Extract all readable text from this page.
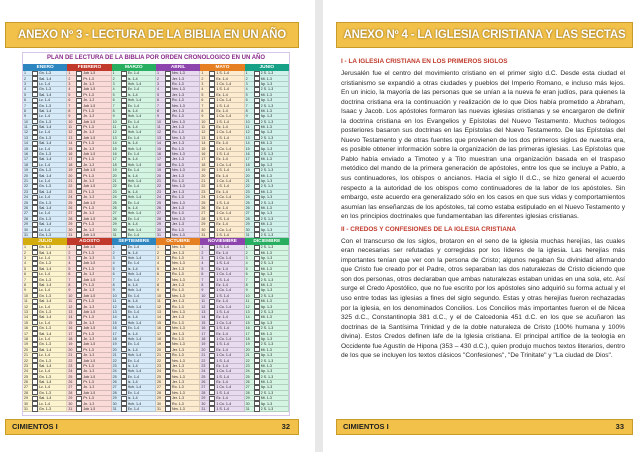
ANEXO Nº 3 - LECTURA DE LA BIBLIA EN UN AÑO
PLAN DE LECTURA DE LA BIBLIA POR ORDEN CRONOLOGICO EN UN AÑO
ENERO	FEBRERO	MARZO	ABRIL	MAYO	JUNIO
1	Gn. 1-3	1	Job 1-5	1	Ex. 1-4	1	Nm. 1-3	1	1 S. 1-4	1	2 S. 1-3
2	Sal. 1-4	2	Pr. 1-3	2	Is. 1-4	2	Jer. 1-3	2	Ez. 1-4	2	Mt. 1-3
3	Lc. 1-4	3	Jn. 1-3	3	Hch. 1-4	3	Ro. 1-3	3	1 Co. 1-4	3	Ap. 1-3
4	Gn. 1-3	4	Job 1-5	4	Ex. 1-4	4	Nm. 1-3	4	1 S. 1-4	4	2 S. 1-3
5	Sal. 1-4	5	Pr. 1-3	5	Is. 1-4	5	Jer. 1-3	5	Ez. 1-4	5	Mt. 1-3
6	Lc. 1-4	6	Jn. 1-3	6	Hch. 1-4	6	Ro. 1-3	6	1 Co. 1-4	6	Ap. 1-3
7	Gn. 1-3	7	Job 1-5	7	Ex. 1-4	7	Nm. 1-3	7	1 S. 1-4	7	2 S. 1-3
8	Sal. 1-4	8	Pr. 1-3	8	Is. 1-4	8	Jer. 1-3	8	Ez. 1-4	8	Mt. 1-3
9	Lc. 1-4	9	Jn. 1-3	9	Hch. 1-4	9	Ro. 1-3	9	1 Co. 1-4	9	Ap. 1-3
10	Gn. 1-3	10	Job 1-5	10	Ex. 1-4	10	Nm. 1-3	10	1 S. 1-4	10	2 S. 1-3
11	Sal. 1-4	11	Pr. 1-3	11	Is. 1-4	11	Jer. 1-3	11	Ez. 1-4	11	Mt. 1-3
12	Lc. 1-4	12	Jn. 1-3	12	Hch. 1-4	12	Ro. 1-3	12	1 Co. 1-4	12	Ap. 1-3
13	Gn. 1-3	13	Job 1-5	13	Ex. 1-4	13	Nm. 1-3	13	1 S. 1-4	13	2 S. 1-3
14	Sal. 1-4	14	Pr. 1-3	14	Is. 1-4	14	Jer. 1-3	14	Ez. 1-4	14	Mt. 1-3
15	Lc. 1-4	15	Jn. 1-3	15	Hch. 1-4	15	Ro. 1-3	15	1 Co. 1-4	15	Ap. 1-3
16	Gn. 1-3	16	Job 1-5	16	Ex. 1-4	16	Nm. 1-3	16	1 S. 1-4	16	2 S. 1-3
17	Sal. 1-4	17	Pr. 1-3	17	Is. 1-4	17	Jer. 1-3	17	Ez. 1-4	17	Mt. 1-3
18	Lc. 1-4	18	Jn. 1-3	18	Hch. 1-4	18	Ro. 1-3	18	1 Co. 1-4	18	Ap. 1-3
19	Gn. 1-3	19	Job 1-5	19	Ex. 1-4	19	Nm. 1-3	19	1 S. 1-4	19	2 S. 1-3
20	Sal. 1-4	20	Pr. 1-3	20	Is. 1-4	20	Jer. 1-3	20	Ez. 1-4	20	Mt. 1-3
21	Lc. 1-4	21	Jn. 1-3	21	Hch. 1-4	21	Ro. 1-3	21	1 Co. 1-4	21	Ap. 1-3
22	Gn. 1-3	22	Job 1-5	22	Ex. 1-4	22	Nm. 1-3	22	1 S. 1-4	22	2 S. 1-3
23	Sal. 1-4	23	Pr. 1-3	23	Is. 1-4	23	Jer. 1-3	23	Ez. 1-4	23	Mt. 1-3
24	Lc. 1-4	24	Jn. 1-3	24	Hch. 1-4	24	Ro. 1-3	24	1 Co. 1-4	24	Ap. 1-3
25	Gn. 1-3	25	Job 1-5	25	Ex. 1-4	25	Nm. 1-3	25	1 S. 1-4	25	2 S. 1-3
26	Sal. 1-4	26	Pr. 1-3	26	Is. 1-4	26	Jer. 1-3	26	Ez. 1-4	26	Mt. 1-3
27	Lc. 1-4	27	Jn. 1-3	27	Hch. 1-4	27	Ro. 1-3	27	1 Co. 1-4	27	Ap. 1-3
28	Gn. 1-3	28	Job 1-5	28	Ex. 1-4	28	Nm. 1-3	28	1 S. 1-4	28	2 S. 1-3
29	Sal. 1-4	29	Pr. 1-3	29	Is. 1-4	29	Jer. 1-3	29	Ez. 1-4	29	Mt. 1-3
30	Lc. 1-4	30	Jn. 1-3	30	Hch. 1-4	30	Ro. 1-3	30	1 Co. 1-4	30	Ap. 1-3
31	Gn. 1-3	31	Job 1-5	31	Ex. 1-4	31	Nm. 1-3	31	1 S. 1-4	31	2 S. 1-3
JULIO	AGOSTO	SEPTIEMBRE	OCTUBRE	NOVIEMBRE	DICIEMBRE
1	Gn. 1-3	1	Job 1-5	1	Ex. 1-4	1	Nm. 1-3	1	1 S. 1-4	1	2 S. 1-3
2	Sal. 1-4	2	Pr. 1-3	2	Is. 1-4	2	Jer. 1-3	2	Ez. 1-4	2	Mt. 1-3
3	Lc. 1-4	3	Jn. 1-3	3	Hch. 1-4	3	Ro. 1-3	3	1 Co. 1-4	3	Ap. 1-3
4	Gn. 1-3	4	Job 1-5	4	Ex. 1-4	4	Nm. 1-3	4	1 S. 1-4	4	2 S. 1-3
5	Sal. 1-4	5	Pr. 1-3	5	Is. 1-4	5	Jer. 1-3	5	Ez. 1-4	5	Mt. 1-3
6	Lc. 1-4	6	Jn. 1-3	6	Hch. 1-4	6	Ro. 1-3	6	1 Co. 1-4	6	Ap. 1-3
7	Gn. 1-3	7	Job 1-5	7	Ex. 1-4	7	Nm. 1-3	7	1 S. 1-4	7	2 S. 1-3
8	Sal. 1-4	8	Pr. 1-3	8	Is. 1-4	8	Jer. 1-3	8	Ez. 1-4	8	Mt. 1-3
9	Lc. 1-4	9	Jn. 1-3	9	Hch. 1-4	9	Ro. 1-3	9	1 Co. 1-4	9	Ap. 1-3
10	Gn. 1-3	10	Job 1-5	10	Ex. 1-4	10	Nm. 1-3	10	1 S. 1-4	10	2 S. 1-3
11	Sal. 1-4	11	Pr. 1-3	11	Is. 1-4	11	Jer. 1-3	11	Ez. 1-4	11	Mt. 1-3
12	Lc. 1-4	12	Jn. 1-3	12	Hch. 1-4	12	Ro. 1-3	12	1 Co. 1-4	12	Ap. 1-3
13	Gn. 1-3	13	Job 1-5	13	Ex. 1-4	13	Nm. 1-3	13	1 S. 1-4	13	2 S. 1-3
14	Sal. 1-4	14	Pr. 1-3	14	Is. 1-4	14	Jer. 1-3	14	Ez. 1-4	14	Mt. 1-3
15	Lc. 1-4	15	Jn. 1-3	15	Hch. 1-4	15	Ro. 1-3	15	1 Co. 1-4	15	Ap. 1-3
16	Gn. 1-3	16	Job 1-5	16	Ex. 1-4	16	Nm. 1-3	16	1 S. 1-4	16	2 S. 1-3
17	Sal. 1-4	17	Pr. 1-3	17	Is. 1-4	17	Jer. 1-3	17	Ez. 1-4	17	Mt. 1-3
18	Lc. 1-4	18	Jn. 1-3	18	Hch. 1-4	18	Ro. 1-3	18	1 Co. 1-4	18	Ap. 1-3
19	Gn. 1-3	19	Job 1-5	19	Ex. 1-4	19	Nm. 1-3	19	1 S. 1-4	19	2 S. 1-3
20	Sal. 1-4	20	Pr. 1-3	20	Is. 1-4	20	Jer. 1-3	20	Ez. 1-4	20	Mt. 1-3
21	Lc. 1-4	21	Jn. 1-3	21	Hch. 1-4	21	Ro. 1-3	21	1 Co. 1-4	21	Ap. 1-3
22	Gn. 1-3	22	Job 1-5	22	Ex. 1-4	22	Nm. 1-3	22	1 S. 1-4	22	2 S. 1-3
23	Sal. 1-4	23	Pr. 1-3	23	Is. 1-4	23	Jer. 1-3	23	Ez. 1-4	23	Mt. 1-3
24	Lc. 1-4	24	Jn. 1-3	24	Hch. 1-4	24	Ro. 1-3	24	1 Co. 1-4	24	Ap. 1-3
25	Gn. 1-3	25	Job 1-5	25	Ex. 1-4	25	Nm. 1-3	25	1 S. 1-4	25	2 S. 1-3
26	Sal. 1-4	26	Pr. 1-3	26	Is. 1-4	26	Jer. 1-3	26	Ez. 1-4	26	Mt. 1-3
27	Lc. 1-4	27	Jn. 1-3	27	Hch. 1-4	27	Ro. 1-3	27	1 Co. 1-4	27	Ap. 1-3
28	Gn. 1-3	28	Job 1-5	28	Ex. 1-4	28	Nm. 1-3	28	1 S. 1-4	28	2 S. 1-3
29	Sal. 1-4	29	Pr. 1-3	29	Is. 1-4	29	Jer. 1-3	29	Ez. 1-4	29	Mt. 1-3
30	Lc. 1-4	30	Jn. 1-3	30	Hch. 1-4	30	Ro. 1-3	30	1 Co. 1-4	30	Ap. 1-3
31	Gn. 1-3	31	Job 1-5	31	Ex. 1-4	31	Nm. 1-3	31	1 S. 1-4	31	2 S. 1-3
CIMIENTOS I	32
ANEXO Nº 4 - LA IGLESIA CRISTIANA Y LAS SECTAS
I - LA IGLESIA CRISTIANA EN LOS PRIMEROS SIGLOS

Jerusalén fue el centro del movimiento cristiano en el primer siglo d.C. Desde esta ciudad el cristianismo se expandió a otras ciudades y pueblos del Imperio Romano, e incluso más lejos. En un inicio, la mayoría de las personas que se unían a la nueva fe eran judíos, para quienes la doctrina cristiana era la continuación y realización de lo que Dios había prometido a Abraham, Isaac y Jacob. Los apóstoles formaron las nuevas iglesias cristianas y se encargaron de definir la doctrina cristiana en los Evangelios y Epístolas del Nuevo Testamento. Muchos teólogos posteriores basaron sus doctrinas en las Epístolas del Nuevo Testamento. De las Epístolas del Nuevo Testamento y de otras fuentes que provienen de los dos primeros siglos de nuestra era, es posible obtener información sobre la organización de las primeras iglesias. Las Epístolas que Pablo había enviado a Timoteo y a Tito muestran una organización basada en el traspaso metódico del mando de la primera generación de apóstoles, entre los que se incluye a Pablo, a sus continuadores, los obispos o ancianos. Hacia el siglo II d.C., se hizo general el acuerdo respecto a la autoridad de los obispos como continuadores de la labor de los apóstoles. Sin embargo, este acuerdo era generalizado sólo en los casos en que sus vidas y comportamientos asumían las enseñanzas de los apóstoles, tal como estaba estipulado en el Nuevo Testamento y en los principios doctrinales que fundamentaban las diferentes iglesias cristianas.

II - CREDOS Y CONFESIONES DE LA IGLESIA CRISTIANA

Con el transcurso de los siglos, brotaron en el seno de la iglesia muchas herejías, las cuales eran necesarias ser refutadas y corregidas por los líderes de la iglesia. Las herejías más importantes tenían que ver con la persona de Cristo; algunos negaban Su divinidad afirmando que Cristo fue creado por el Padre, otros separaban las dos naturalezas de Cristo diciendo que son dos personas, otros declaraban que ambas naturalezas estaban unidas en una sola, etc. Así surge el Credo Apostólico, que no fue escrito por los apóstoles sino adquirió su forma actual y el uso entre todas las iglesias a fines del siglo segundo. Estas y otras herejías fueron rechazadas por la iglesia, en los denominados Concilios. Los Concilios más importantes fueron el de Nicea 325 d.C., Constantinopla 381 d.C., y el de Calcedonia 451 d.C. en los que se acuñaron las doctrinas de la Santísima Trinidad y de la doble naturaleza de Cristo (100% humana y 100% divina). Estos Credos definen lafe de la Iglesia cristiana. El principal artífice de la teología en Occidente fue Agustín de Hipona (353 – 430 d.C.), quien produjo muchos textos literarios, dentro de los que se incluyen los textos clásicos "Confesiones", "De Trinitate" y "La ciudad de Dios".

CIMIENTOS I	33
